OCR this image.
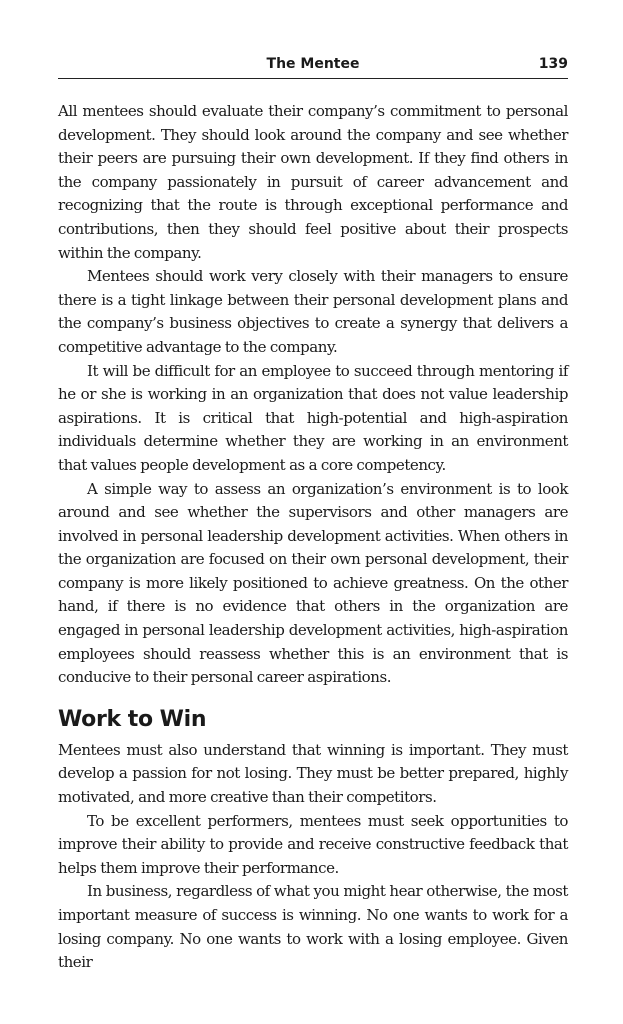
The Mentee	139

All mentees should evaluate their company’s commitment to personal development. They should look around the company and see whether their peers are pursuing their own development. If they find others in the company passionately in pursuit of career advancement and recognizing that the route is through exceptional performance and contributions, then they should feel positive about their prospects within the company.

Mentees should work very closely with their managers to ensure there is a tight linkage between their personal development plans and the company’s business objectives to create a synergy that delivers a competitive advantage to the company.

It will be difficult for an employee to succeed through mentoring if he or she is working in an organization that does not value leadership aspirations. It is critical that high-potential and high-aspiration individuals determine whether they are working in an environment that values people development as a core competency.

A simple way to assess an organization’s environment is to look around and see whether the supervisors and other managers are involved in personal leadership development activities. When others in the organization are focused on their own personal development, their company is more likely positioned to achieve greatness. On the other hand, if there is no evidence that others in the organization are engaged in personal leadership development activities, high-aspiration employees should reassess whether this is an environment that is conducive to their personal career aspirations.

Work to Win

Mentees must also understand that winning is important. They must develop a passion for not losing. They must be better prepared, highly motivated, and more creative than their competitors.

To be excellent performers, mentees must seek opportunities to improve their ability to provide and receive constructive feedback that helps them improve their performance.

In business, regardless of what you might hear otherwise, the most important measure of success is winning. No one wants to work for a losing company. No one wants to work with a losing employee. Given their
